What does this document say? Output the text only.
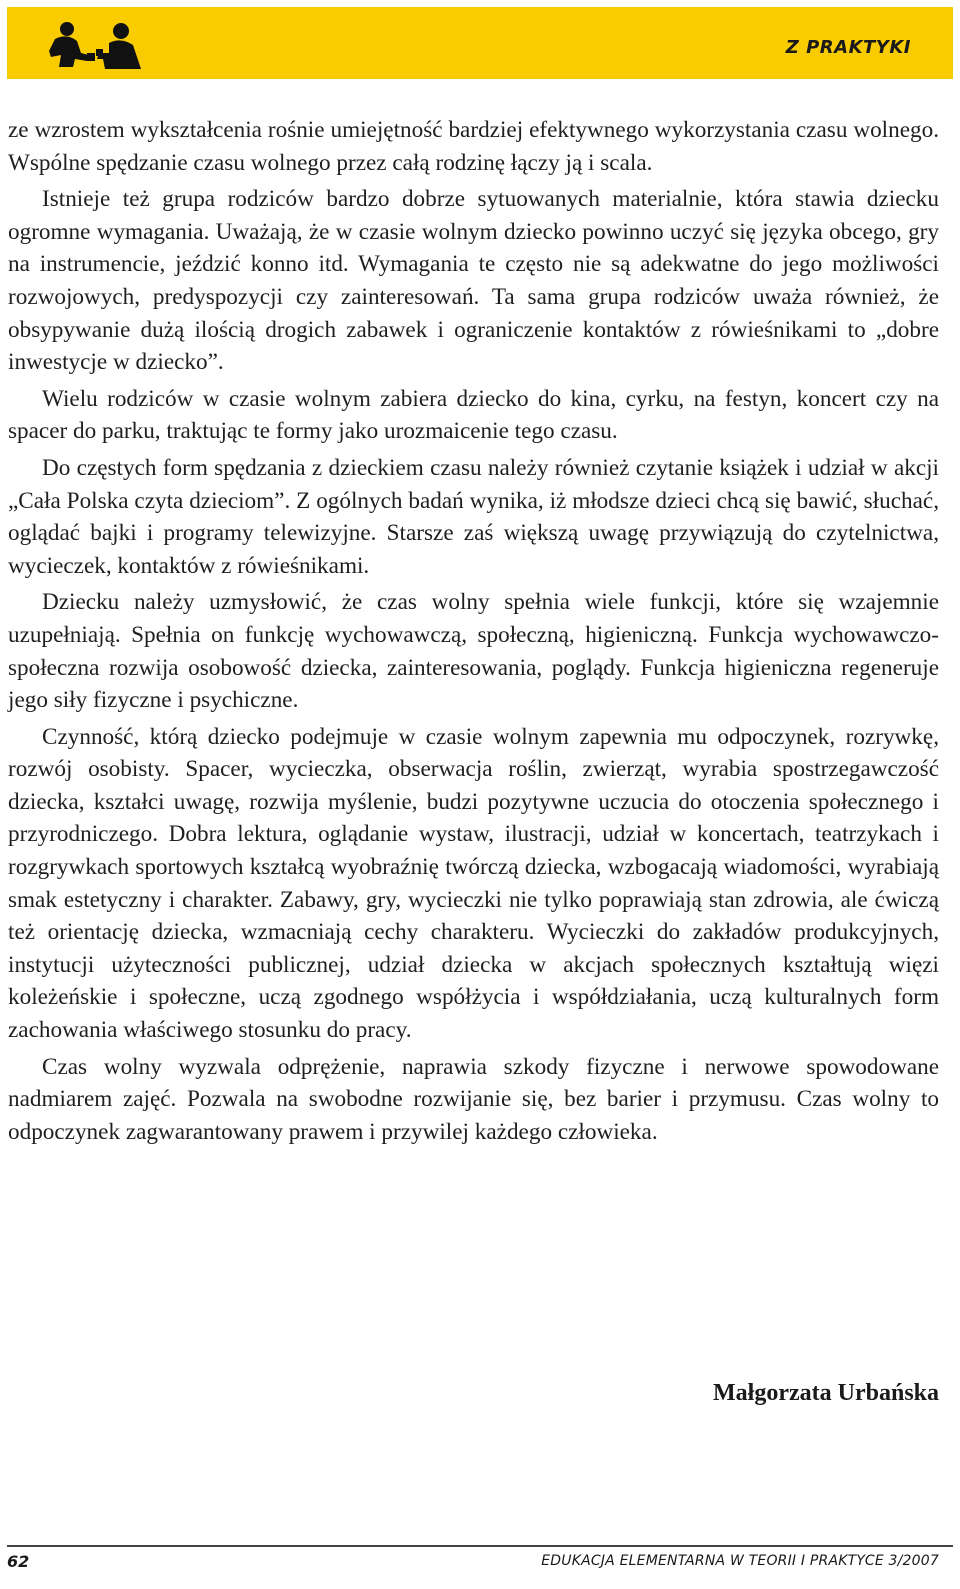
Z PRAKTYKI

ze wzrostem wykształcenia rośnie umiejętność bardziej efektywnego wykorzystania czasu wolnego. Wspólne spędzanie czasu wolnego przez całą rodzinę łączy ją i scala.

Istnieje też grupa rodziców bardzo dobrze sytuowanych materialnie, która stawia dziecku ogromne wymagania. Uważają, że w czasie wolnym dziecko powinno uczyć się języka obcego, gry na instrumencie, jeździć konno itd. Wymagania te często nie są adekwatne do jego możliwości rozwojowych, predyspozycji czy zainteresowań. Ta sama grupa rodziców uważa również, że obsypywanie dużą ilością drogich zabawek i ograniczenie kontaktów z rówieśnikami to „dobre inwestycje w dziecko”.

Wielu rodziców w czasie wolnym zabiera dziecko do kina, cyrku, na festyn, koncert czy na spacer do parku, traktując te formy jako urozmaicenie tego czasu.

Do częstych form spędzania z dzieckiem czasu należy również czytanie książek i udział w akcji „Cała Polska czyta dzieciom”. Z ogólnych badań wynika, iż młodsze dzieci chcą się bawić, słuchać, oglądać bajki i programy telewizyjne. Starsze zaś większą uwagę przywiązują do czytelnictwa, wycieczek, kontaktów z rówieśnikami.

Dziecku należy uzmysłowić, że czas wolny spełnia wiele funkcji, które się wzajemnie uzupełniają. Spełnia on funkcję wychowawczą, społeczną, higieniczną. Funkcja wychowawczo-społeczna rozwija osobowość dziecka, zainteresowania, poglądy. Funkcja higieniczna regeneruje jego siły fizyczne i psychiczne.

Czynność, którą dziecko podejmuje w czasie wolnym zapewnia mu odpoczynek, rozrywkę, rozwój osobisty. Spacer, wycieczka, obserwacja roślin, zwierząt, wyrabia spostrzegawczość dziecka, kształci uwagę, rozwija myślenie, budzi pozytywne uczucia do otoczenia społecznego i przyrodniczego. Dobra lektura, oglądanie wystaw, ilustracji, udział w koncertach, teatrzykach i rozgrywkach sportowych kształcą wyobraźnię twórczą dziecka, wzbogacają wiadomości, wyrabiają smak estetyczny i charakter. Zabawy, gry, wycieczki nie tylko poprawiają stan zdrowia, ale ćwiczą też orientację dziecka, wzmacniają cechy charakteru. Wycieczki do zakładów produkcyjnych, instytucji użyteczności publicznej, udział dziecka w akcjach społecznych kształtują więzi koleżeńskie i społeczne, uczą zgodnego współżycia i współdziałania, uczą kulturalnych form zachowania właściwego stosunku do pracy.

Czas wolny wyzwala odprężenie, naprawia szkody fizyczne i nerwowe spowodowane nadmiarem zajęć. Pozwala na swobodne rozwijanie się, bez barier i przymusu. Czas wolny to odpoczynek zagwarantowany prawem i przywilej każdego człowieka.

Małgorzata Urbańska
62	EDUKACJA ELEMENTARNA W TEORII I PRAKTYCE 3/2007
